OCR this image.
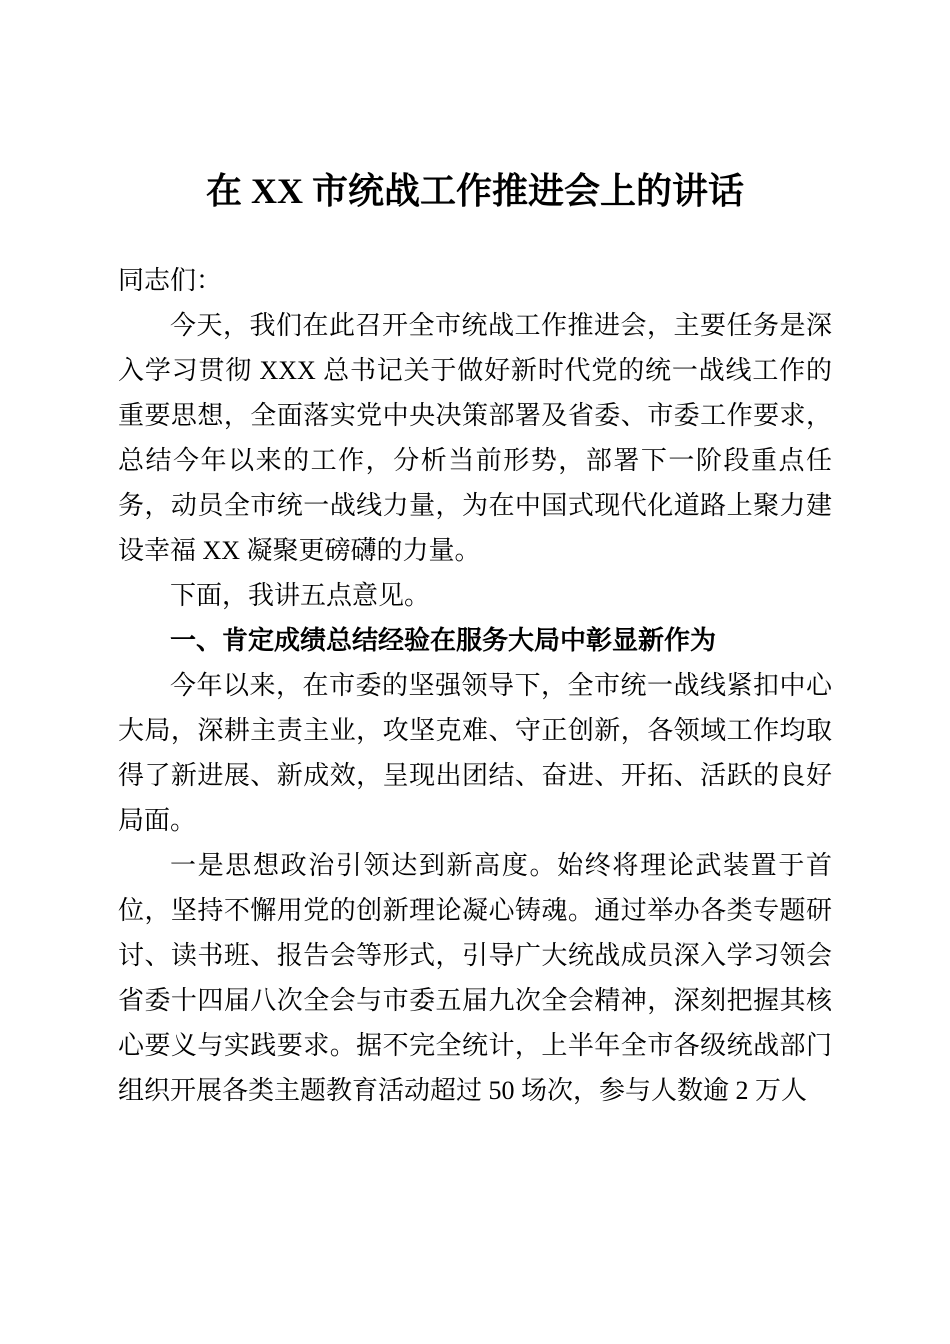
在 XX 市统战工作推进会上的讲话

同志们：

今天，我们在此召开全市统战工作推进会，主要任务是深入学习贯彻 XXX 总书记关于做好新时代党的统一战线工作的重要思想，全面落实党中央决策部署及省委、市委工作要求，总结今年以来的工作，分析当前形势，部署下一阶段重点任务，动员全市统一战线力量，为在中国式现代化道路上聚力建设幸福 XX 凝聚更磅礴的力量。

下面，我讲五点意见。

一、肯定成绩总结经验在服务大局中彰显新作为

今年以来，在市委的坚强领导下，全市统一战线紧扣中心大局，深耕主责主业，攻坚克难、守正创新，各领域工作均取得了新进展、新成效，呈现出团结、奋进、开拓、活跃的良好局面。

一是思想政治引领达到新高度。始终将理论武装置于首位，坚持不懈用党的创新理论凝心铸魂。通过举办各类专题研讨、读书班、报告会等形式，引导广大统战成员深入学习领会省委十四届八次全会与市委五届九次全会精神，深刻把握其核心要义与实践要求。据不完全统计，上半年全市各级统战部门组织开展各类主题教育活动超过 50 场次，参与人数逾 2 万人
